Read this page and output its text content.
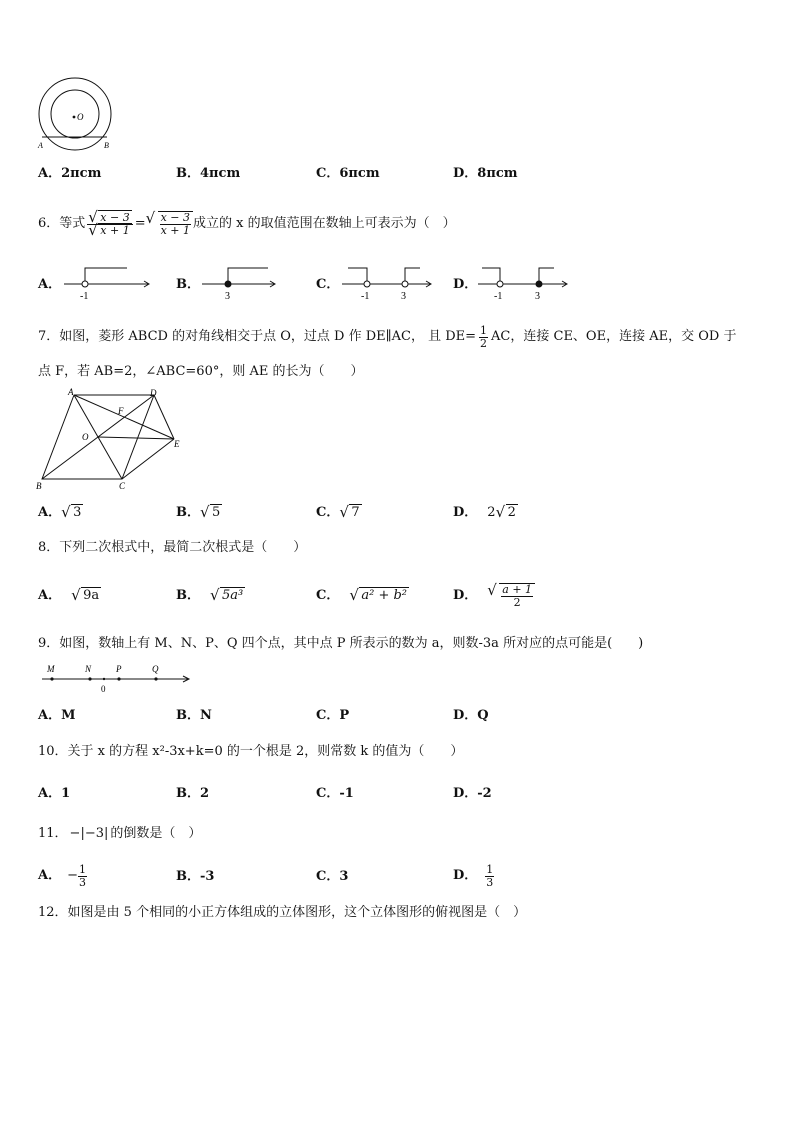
O
A	B
A．2πcm	B．4πcm	C．6πcm	D．8πcm
6．等式 √ x − 3
√ x + 1 = √ $\frac{x - 3}{x + 1}$ 成立的 x 的取值范围在数轴上可表示为（　）
A．
-1
B．
3
C．
-1	3
D．
-1	3
7．如图，菱形 ABCD 的对角线相交于点 O，过点 D 作 DE∥AC， 且 $DE= \frac{1}{2}$ AC，连接 CE、OE，连接 AE，交 OD 于
点 F，若 AB=2，∠ABC=60°，则 AE 的长为（　　）
A	D
F
O
E
B	C
A． √ 3	B． √ 5	C． √ 7	D． 2 √ 2
8．下列二次根式中，最简二次根式是（　　）
A．	√ 9a	B．	√ 5a³	C．	√ a² + b²	D． √ $\frac{a + 1}{2}$
9．如图，数轴上有 M、N、P、Q 四个点，其中点 P 所表示的数为 a，则数-3a 所对应的点可能是(　　)
M	N	P	Q
0
A．M	B．N	C．P	D．Q
10．关于 x 的方程 x²-3x+k=0 的一个根是 2，则常数 k 的值为（　　）
A．1	B．2	C．-1	D．-2
11． −|−3| 的倒数是（　）
A． − $\frac{1}{3}$	B．-3	C．3	D． $\frac{1}{3}$
12．如图是由 5 个相同的小正方体组成的立体图形，这个立体图形的俯视图是（　）
